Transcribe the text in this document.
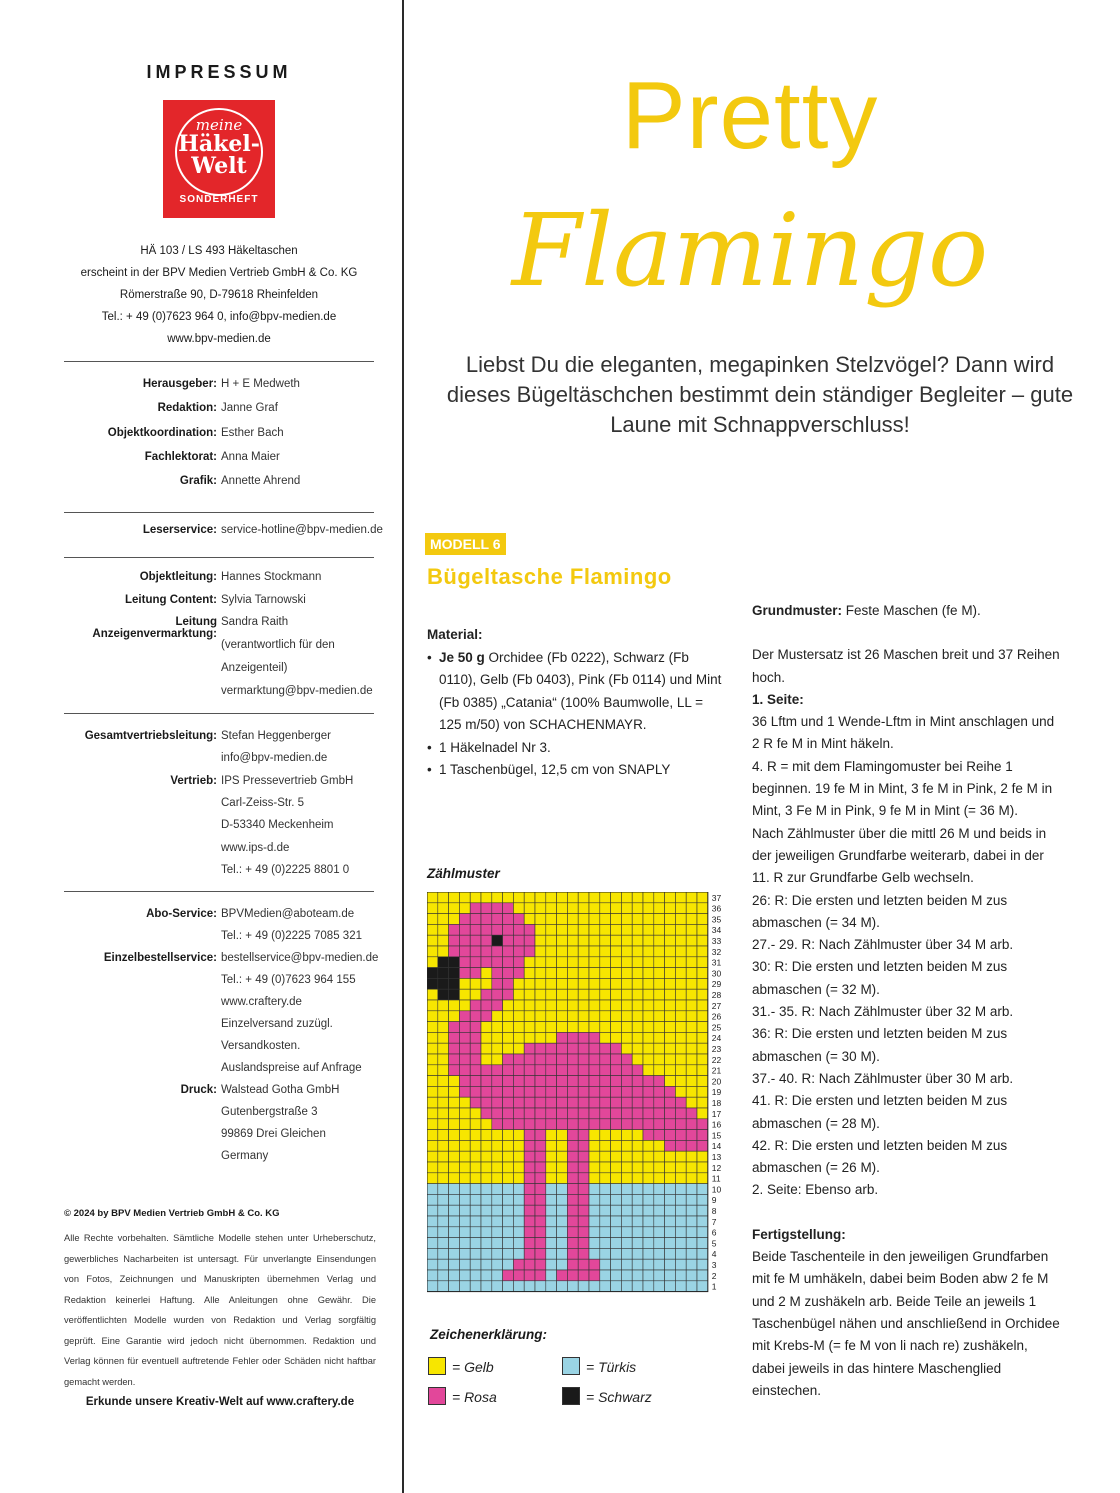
IMPRESSUM
meine
Häkel-
Welt
SONDERHEFT
HÄ 103 / LS 493 Häkeltaschen
erscheint in der BPV Medien Vertrieb GmbH & Co. KG
Römerstraße 90, D-79618 Rheinfelden
Tel.: + 49 (0)7623 964 0, info@bpv-medien.de
www.bpv-medien.de
Herausgeber: H + E Medweth
Redaktion: Janne Graf
Objektkoordination: Esther Bach
Fachlektorat: Anna Maier
Grafik: Annette Ahrend
Leserservice: service-hotline@bpv-medien.de
Objektleitung: Hannes Stockmann
Leitung Content: Sylvia Tarnowski
Leitung Anzeigenvermarktung:
Sandra Raith
(verantwortlich für den
Anzeigenteil)
vermarktung@bpv-medien.de
Gesamtvertriebsleitung: Stefan Heggenberger
info@bpv-medien.de
Vertrieb: IPS Pressevertrieb GmbH
Carl-Zeiss-Str. 5
D-53340 Meckenheim
www.ips-d.de
Tel.: + 49 (0)2225 8801 0
Abo-Service: BPVMedien@aboteam.de
Tel.: + 49 (0)2225 7085 321
Einzelbestellservice: bestellservice@bpv-medien.de
Tel.: + 49 (0)7623 964 155
www.craftery.de
Einzelversand zuzügl.
Versandkosten.
Auslandspreise auf Anfrage
Druck: Walstead Gotha GmbH
Gutenbergstraße 3
99869 Drei Gleichen
Germany
© 2024 by BPV Medien Vertrieb GmbH & Co. KG
Alle Rechte vorbehalten. Sämtliche Modelle stehen unter Urheberschutz, gewerbliches Nacharbeiten ist untersagt. Für unverlangte Einsendungen von Fotos, Zeichnungen und Manuskripten übernehmen Verlag und Redaktion keinerlei Haftung. Alle Anleitungen ohne Gewähr. Die veröffentlichten Modelle wurden von Redaktion und Verlag sorgfältig geprüft. Eine Garantie wird jedoch nicht übernommen. Redaktion und Verlag können für eventuell auftretende Fehler oder Schäden nicht haftbar gemacht werden.
Erkunde unsere Kreativ-Welt auf www.craftery.de
Pretty
Flamingo
Liebst Du die eleganten, megapinken Stelzvögel? Dann wird dieses Bügeltäschchen bestimmt dein ständiger Begleiter – gute Laune mit Schnappverschluss!
MODELL 6
Bügeltasche Flamingo
Material:
• Je 50 g Orchidee (Fb 0222), Schwarz (Fb 0110), Gelb (Fb 0403), Pink (Fb 0114) und Mint (Fb 0385) „Catania“ (100% Baumwolle, LL = 125 m/50) von SCHACHENMAYR.
• 1 Häkelnadel Nr 3.
• 1 Taschenbügel, 12,5 cm von SNAPLY
Zählmuster
37
36
35
34
33
32
31
30
29
28
27
26
25
24
23
22
21
20
19
18
17
16
15
14
13
12
11
10
9
8
7
6
5
4
3
2
1
Zeichenerklärung:
= Gelb	= Türkis
= Rosa	= Schwarz

Grundmuster: Feste Maschen (fe M).

Der Mustersatz ist 26 Maschen breit und 37 Reihen hoch.

1. Seite:

36 Lftm und 1 Wende-Lftm in Mint anschlagen und 2 R fe M in Mint häkeln.

4. R = mit dem Flamingomuster bei Reihe 1 beginnen. 19 fe M in Mint, 3 fe M in Pink, 2 fe M in Mint, 3 Fe M in Pink, 9 fe M in Mint (= 36 M).

Nach Zählmuster über die mittl 26 M und beids in der jeweiligen Grundfarbe weiterarb, dabei in der 11. R zur Grundfarbe Gelb wechseln.

26: R: Die ersten und letzten beiden M zus abmaschen (= 34 M).

27.- 29. R: Nach Zählmuster über 34 M arb.

30: R: Die ersten und letzten beiden M zus abmaschen (= 32 M).

31.- 35. R: Nach Zählmuster über 32 M arb.

36: R: Die ersten und letzten beiden M zus abmaschen (= 30 M).

37.- 40. R: Nach Zählmuster über 30 M arb.

41. R: Die ersten und letzten beiden M zus abmaschen (= 28 M).

42. R: Die ersten und letzten beiden M zus abmaschen (= 26 M).

2. Seite: Ebenso arb.

Fertigstellung:

Beide Taschenteile in den jeweiligen Grundfarben mit fe M umhäkeln, dabei beim Boden abw 2 fe M und 2 M zushäkeln arb. Beide Teile an jeweils 1 Taschenbügel nähen und anschließend in Orchidee mit Krebs-M (= fe M von li nach re) zushäkeln, dabei jeweils in das hintere Maschenglied einstechen.
